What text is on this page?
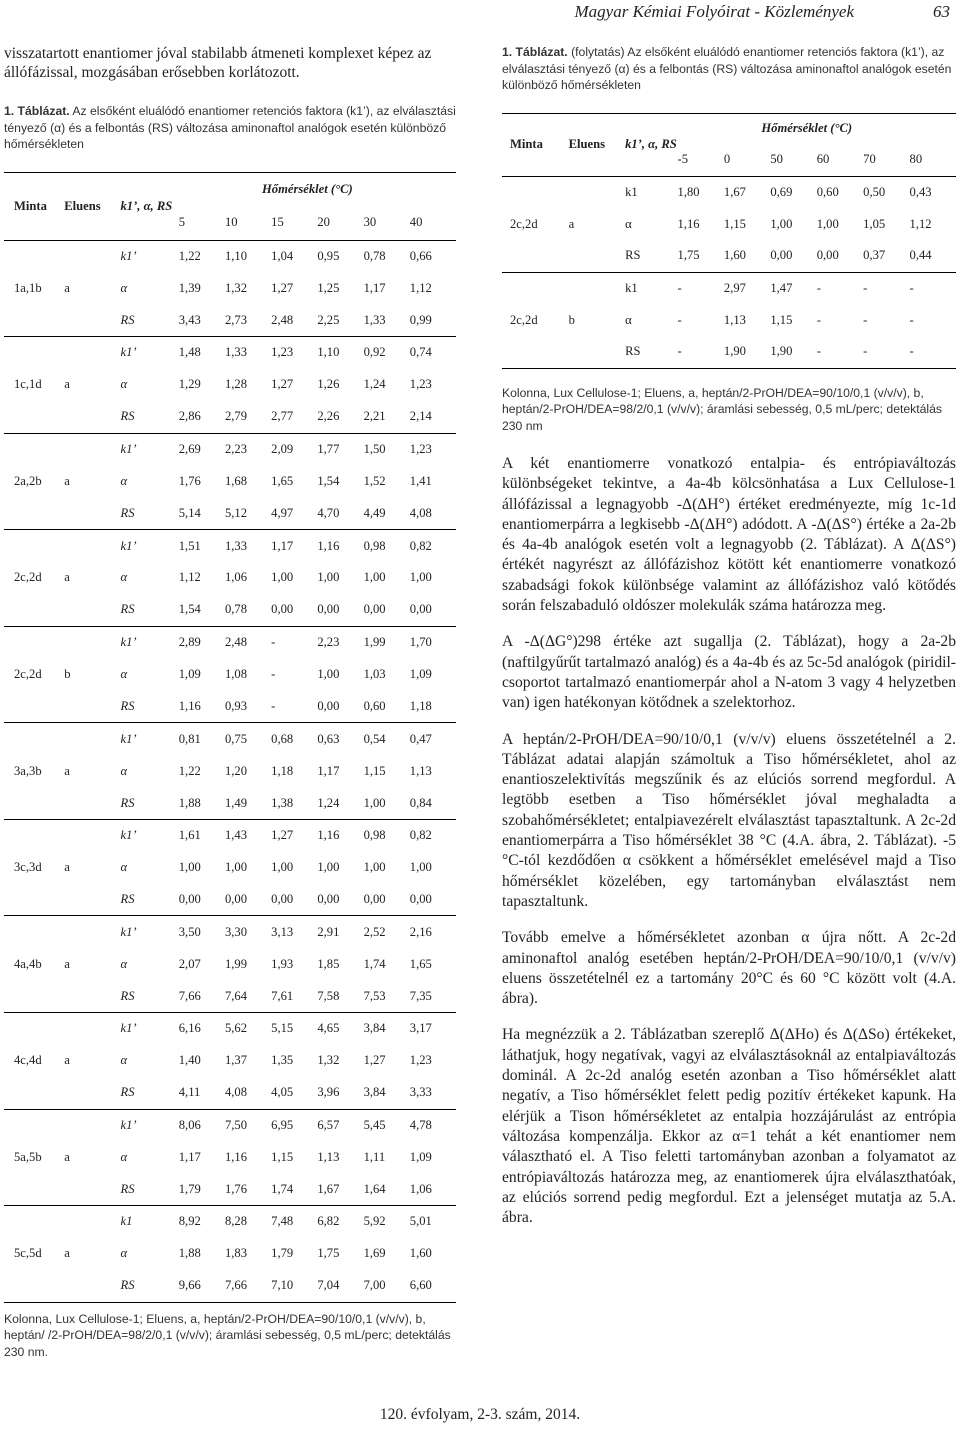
Magyar Kémiai Folyóirat - Közlemények	63

visszatartott enantiomer jóval stabilabb átmeneti komplexet képez az állófázissal, mozgásában erősebben korlátozott.

1. Táblázat. Az elsőként eluálódó enantiomer retenciós faktora (k1’), az elválasztási tényező (α) és a felbontás (RS) változása aminonaftol analógok esetén különböző hőmérsékleten

Minta	Eluens	k1’, α, RS	Hőmérséklet (°C)					
			5	10	15	20	30	40
		k1’	1,22	1,10	1,04	0,95	0,78	0,66
1a,1b	a	α	1,39	1,32	1,27	1,25	1,17	1,12
		RS	3,43	2,73	2,48	2,25	1,33	0,99
		k1’	1,48	1,33	1,23	1,10	0,92	0,74
1c,1d	a	α	1,29	1,28	1,27	1,26	1,24	1,23
		RS	2,86	2,79	2,77	2,26	2,21	2,14
		k1’	2,69	2,23	2,09	1,77	1,50	1,23
2a,2b	a	α	1,76	1,68	1,65	1,54	1,52	1,41
		RS	5,14	5,12	4,97	4,70	4,49	4,08
		k1’	1,51	1,33	1,17	1,16	0,98	0,82
2c,2d	a	α	1,12	1,06	1,00	1,00	1,00	1,00
		RS	1,54	0,78	0,00	0,00	0,00	0,00
		k1’	2,89	2,48	-	2,23	1,99	1,70
2c,2d	b	α	1,09	1,08	-	1,00	1,03	1,09
		RS	1,16	0,93	-	0,00	0,60	1,18
		k1’	0,81	0,75	0,68	0,63	0,54	0,47
3a,3b	a	α	1,22	1,20	1,18	1,17	1,15	1,13
		RS	1,88	1,49	1,38	1,24	1,00	0,84
		k1’	1,61	1,43	1,27	1,16	0,98	0,82
3c,3d	a	α	1,00	1,00	1,00	1,00	1,00	1,00
		RS	0,00	0,00	0,00	0,00	0,00	0,00
		k1’	3,50	3,30	3,13	2,91	2,52	2,16
4a,4b	a	α	2,07	1,99	1,93	1,85	1,74	1,65
		RS	7,66	7,64	7,61	7,58	7,53	7,35
		k1’	6,16	5,62	5,15	4,65	3,84	3,17
4c,4d	a	α	1,40	1,37	1,35	1,32	1,27	1,23
		RS	4,11	4,08	4,05	3,96	3,84	3,33
		k1’	8,06	7,50	6,95	6,57	5,45	4,78
5a,5b	a	α	1,17	1,16	1,15	1,13	1,11	1,09
		RS	1,79	1,76	1,74	1,67	1,64	1,06
		k1	8,92	8,28	7,48	6,82	5,92	5,01
5c,5d	a	α	1,88	1,83	1,79	1,75	1,69	1,60
		RS	9,66	7,66	7,10	7,04	7,00	6,60

Kolonna, Lux Cellulose-1; Eluens, a, heptán/2-PrOH/DEA=90/10/0,1 (v/v/v), b, heptán/ /2-PrOH/DEA=98/2/0,1 (v/v/v); áramlási sebesség, 0,5 mL/perc; detektálás 230 nm.

1. Táblázat. (folytatás) Az elsőként eluálódó enantiomer retenciós faktora (k1’), az elválasztási tényező (α) és a felbontás (RS) változása aminonaftol analógok esetén különböző hőmérsékleten

Minta	Eluens	k1’, α, RS	Hőmérséklet (°C)					
			-5	0	50	60	70	80
		k1	1,80	1,67	0,69	0,60	0,50	0,43
2c,2d	a	α	1,16	1,15	1,00	1,00	1,05	1,12
		RS	1,75	1,60	0,00	0,00	0,37	0,44
		k1	-	2,97	1,47	-	-	-
2c,2d	b	α	-	1,13	1,15	-	-	-
		RS	-	1,90	1,90	-	-	-

Kolonna, Lux Cellulose-1; Eluens, a, heptán/2-PrOH/DEA=90/10/0,1 (v/v/v), b, heptán/2-PrOH/DEA=98/2/0,1 (v/v/v); áramlási sebesség, 0,5 mL/perc; detektálás 230 nm

A két enantiomerre vonatkozó entalpia- és entrópiaváltozás különbségeket tekintve, a 4a-4b kölcsönhatása a Lux Cellulose-1 állófázissal a legnagyobb -Δ(ΔH°) értéket eredményezte, míg 1c-1d enantiomerpárra a legkisebb -Δ(ΔH°) adódott. A -Δ(ΔS°) értéke a 2a-2b és 4a-4b analógok esetén volt a legnagyobb (2. Táblázat). A Δ(ΔS°) értékét nagyrészt az állófázishoz kötött két enantiomerre vonatkozó szabadsági fokok különbsége valamint az állófázishoz való kötődés során felszabaduló oldószer molekulák száma határozza meg.

A -Δ(ΔG°)298 értéke azt sugallja (2. Táblázat), hogy a 2a-2b (naftilgyűrűt tartalmazó analóg) és a 4a-4b és az 5c-5d analógok (piridil-csoportot tartalmazó enantiomerpár ahol a N-atom 3 vagy 4 helyzetben van) igen hatékonyan kötődnek a szelektorhoz.

A heptán/2-PrOH/DEA=90/10/0,1 (v/v/v) eluens összetételnél a 2. Táblázat adatai alapján számoltuk a Tiso hőmérsékletet, ahol az enantioszelektivítás megszűnik és az elúciós sorrend megfordul. A legtöbb esetben a Tiso hőmérséklet jóval meghaladta a szobahőmérsékletet; entalpiavezérelt elválasztást tapasztaltunk. A 2c-2d enantiomerpárra a Tiso hőmérséklet 38 °C (4.A. ábra, 2. Táblázat). -5 °C-tól kezdődően α csökkent a hőmérséklet emelésével majd a Tiso hőmérséklet közelében, egy tartományban elválasztást nem tapasztaltunk.

Tovább emelve a hőmérsékletet azonban α újra nőtt. A 2c-2d aminonaftol analóg esetében heptán/2-PrOH/DEA=90/10/0,1 (v/v/v) eluens összetételnél ez a tartomány 20°C és 60 °C között volt (4.A. ábra).

Ha megnézzük a 2. Táblázatban szereplő Δ(ΔHo) és Δ(ΔSo) értékeket, láthatjuk, hogy negatívak, vagyi az elválasztásoknál az entalpiaváltozás dominál. A 2c-2d analóg esetén azonban a Tiso hőmérséklet alatt negatív, a Tiso hőmérséklet felett pedig pozitív értékeket kapunk. Ha elérjük a Tison hőmérsékletet az entalpia hozzájárulást az entrópia változása kompenzálja. Ekkor az α=1 tehát a két enantiomer nem választható el. A Tiso feletti tartományban azonban a folyamatot az entrópiaváltozás határozza meg, az enantiomerek újra elválaszthatóak, az elúciós sorrend pedig megfordul. Ezt a jelenséget mutatja az 5.A. ábra.

120. évfolyam, 2-3. szám, 2014.
